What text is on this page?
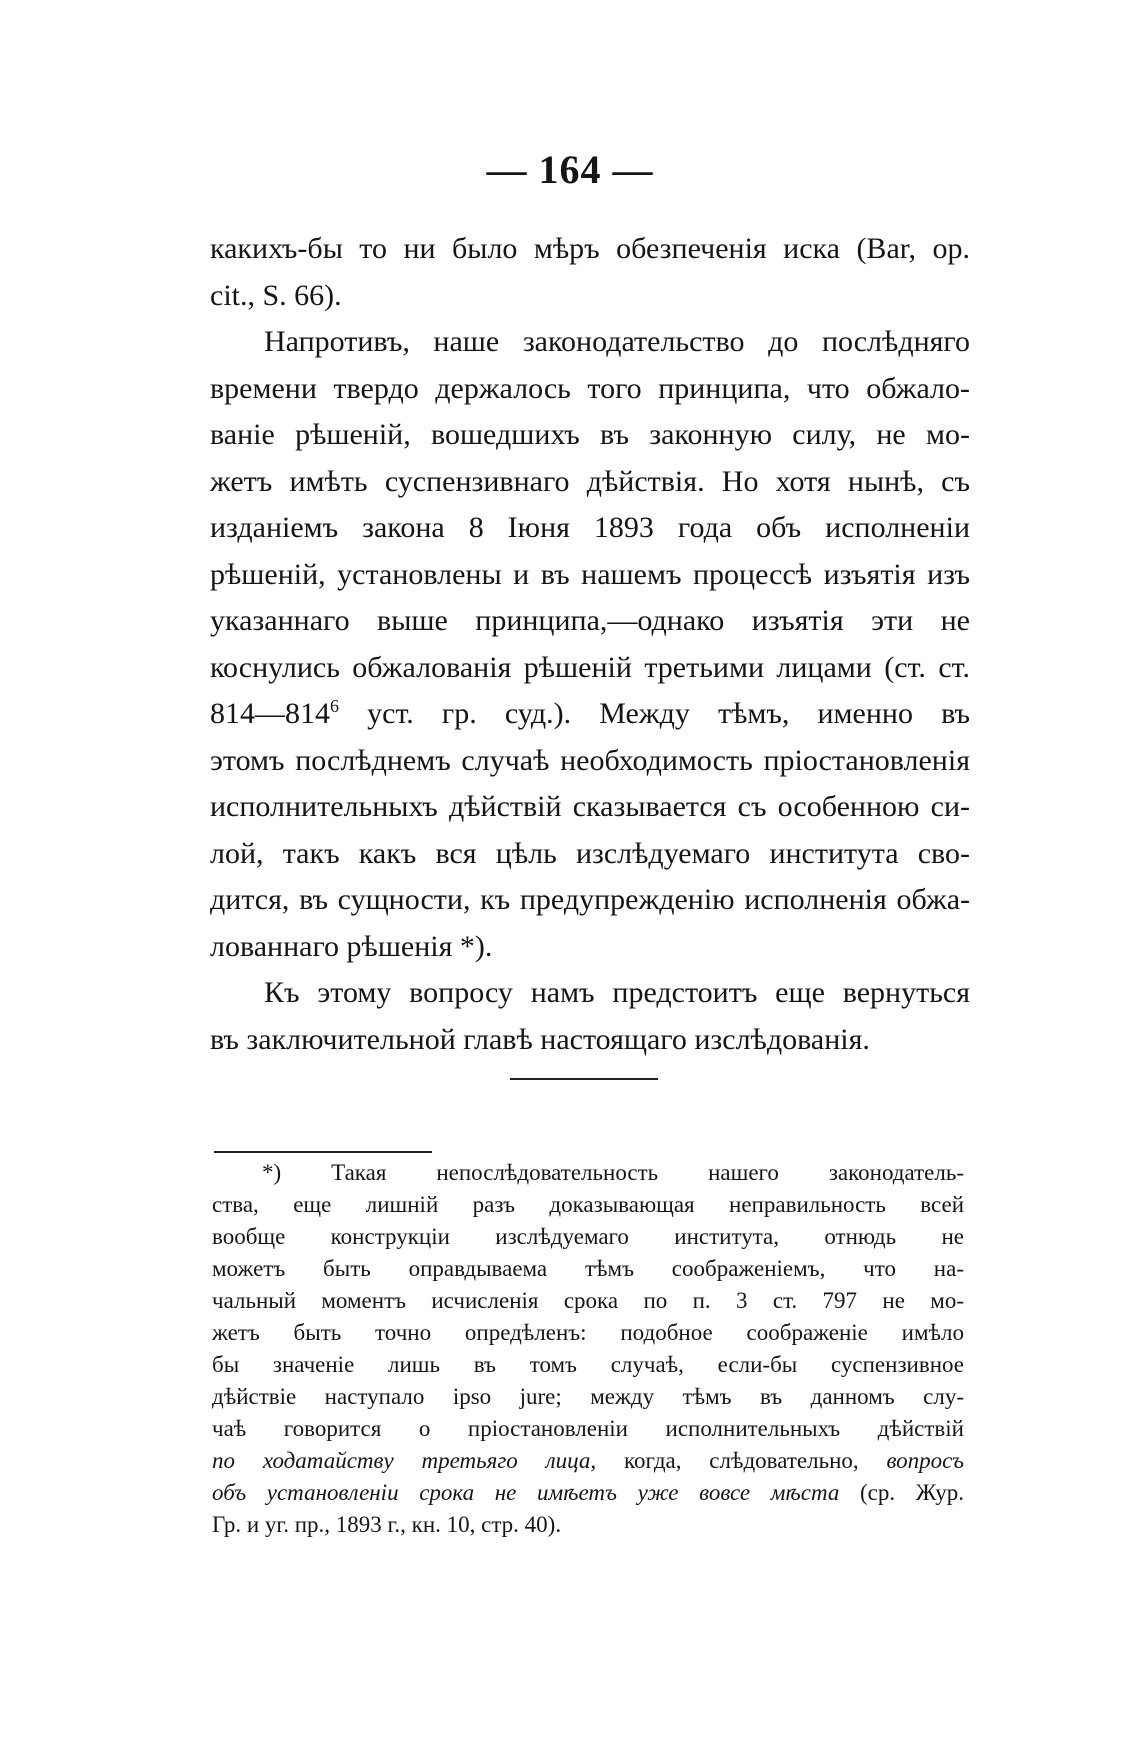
— 164 —
какихъ-бы то ни было мѣръ обезпеченія иска (Bar, op.
cit., S. 66).
Напротивъ, наше законодательство до послѣдняго
времени твердо держалось того принципа, что обжало-
ваніе рѣшеній, вошедшихъ въ законную силу, не мо-
жетъ имѣть суспензивнаго дѣйствія. Но хотя нынѣ, съ
изданіемъ закона 8 Іюня 1893 года объ исполненіи
рѣшеній, установлены и въ нашемъ процессѣ изъятія изъ
указаннаго выше принципа,—однако изъятія эти не
коснулись обжалованія рѣшеній третьими лицами (ст. ст.
$814—814^6$ уст. гр. суд.). Между тѣмъ, именно въ
этомъ послѣднемъ случаѣ необходимость пріостановленія
исполнительныхъ дѣйствій сказывается съ особенною си-
лой, такъ какъ вся цѣль изслѣдуемаго института сво-
дится, въ сущности, къ предупрежденію исполненія обжа-
лованнаго рѣшенія *).
Къ этому вопросу намъ предстоитъ еще вернуться
въ заключительной главѣ настоящаго изслѣдованія.
*) Такая непослѣдовательность нашего законодатель-
ства, еще лишній разъ доказывающая неправильность всей
вообще конструкціи изслѣдуемаго института, отнюдь не
можетъ быть оправдываема тѣмъ соображеніемъ, что на-
чальный моментъ исчисленія срока по п. 3 ст. 797 не мо-
жетъ быть точно опредѣленъ: подобное соображеніе имѣло
бы значеніе лишь въ томъ случаѣ, если-бы суспензивное
дѣйствіе наступало ipso jure; между тѣмъ въ данномъ слу-
чаѣ говорится о пріостановленіи исполнительныхъ дѣйствій
по ходатайству третьяго лица, когда, слѣдовательно, вопросъ
объ установленіи срока не имѣетъ уже вовсе мѣста (ср. Жур.
Гр. и уг. пр., 1893 г., кн. 10, стр. 40).
